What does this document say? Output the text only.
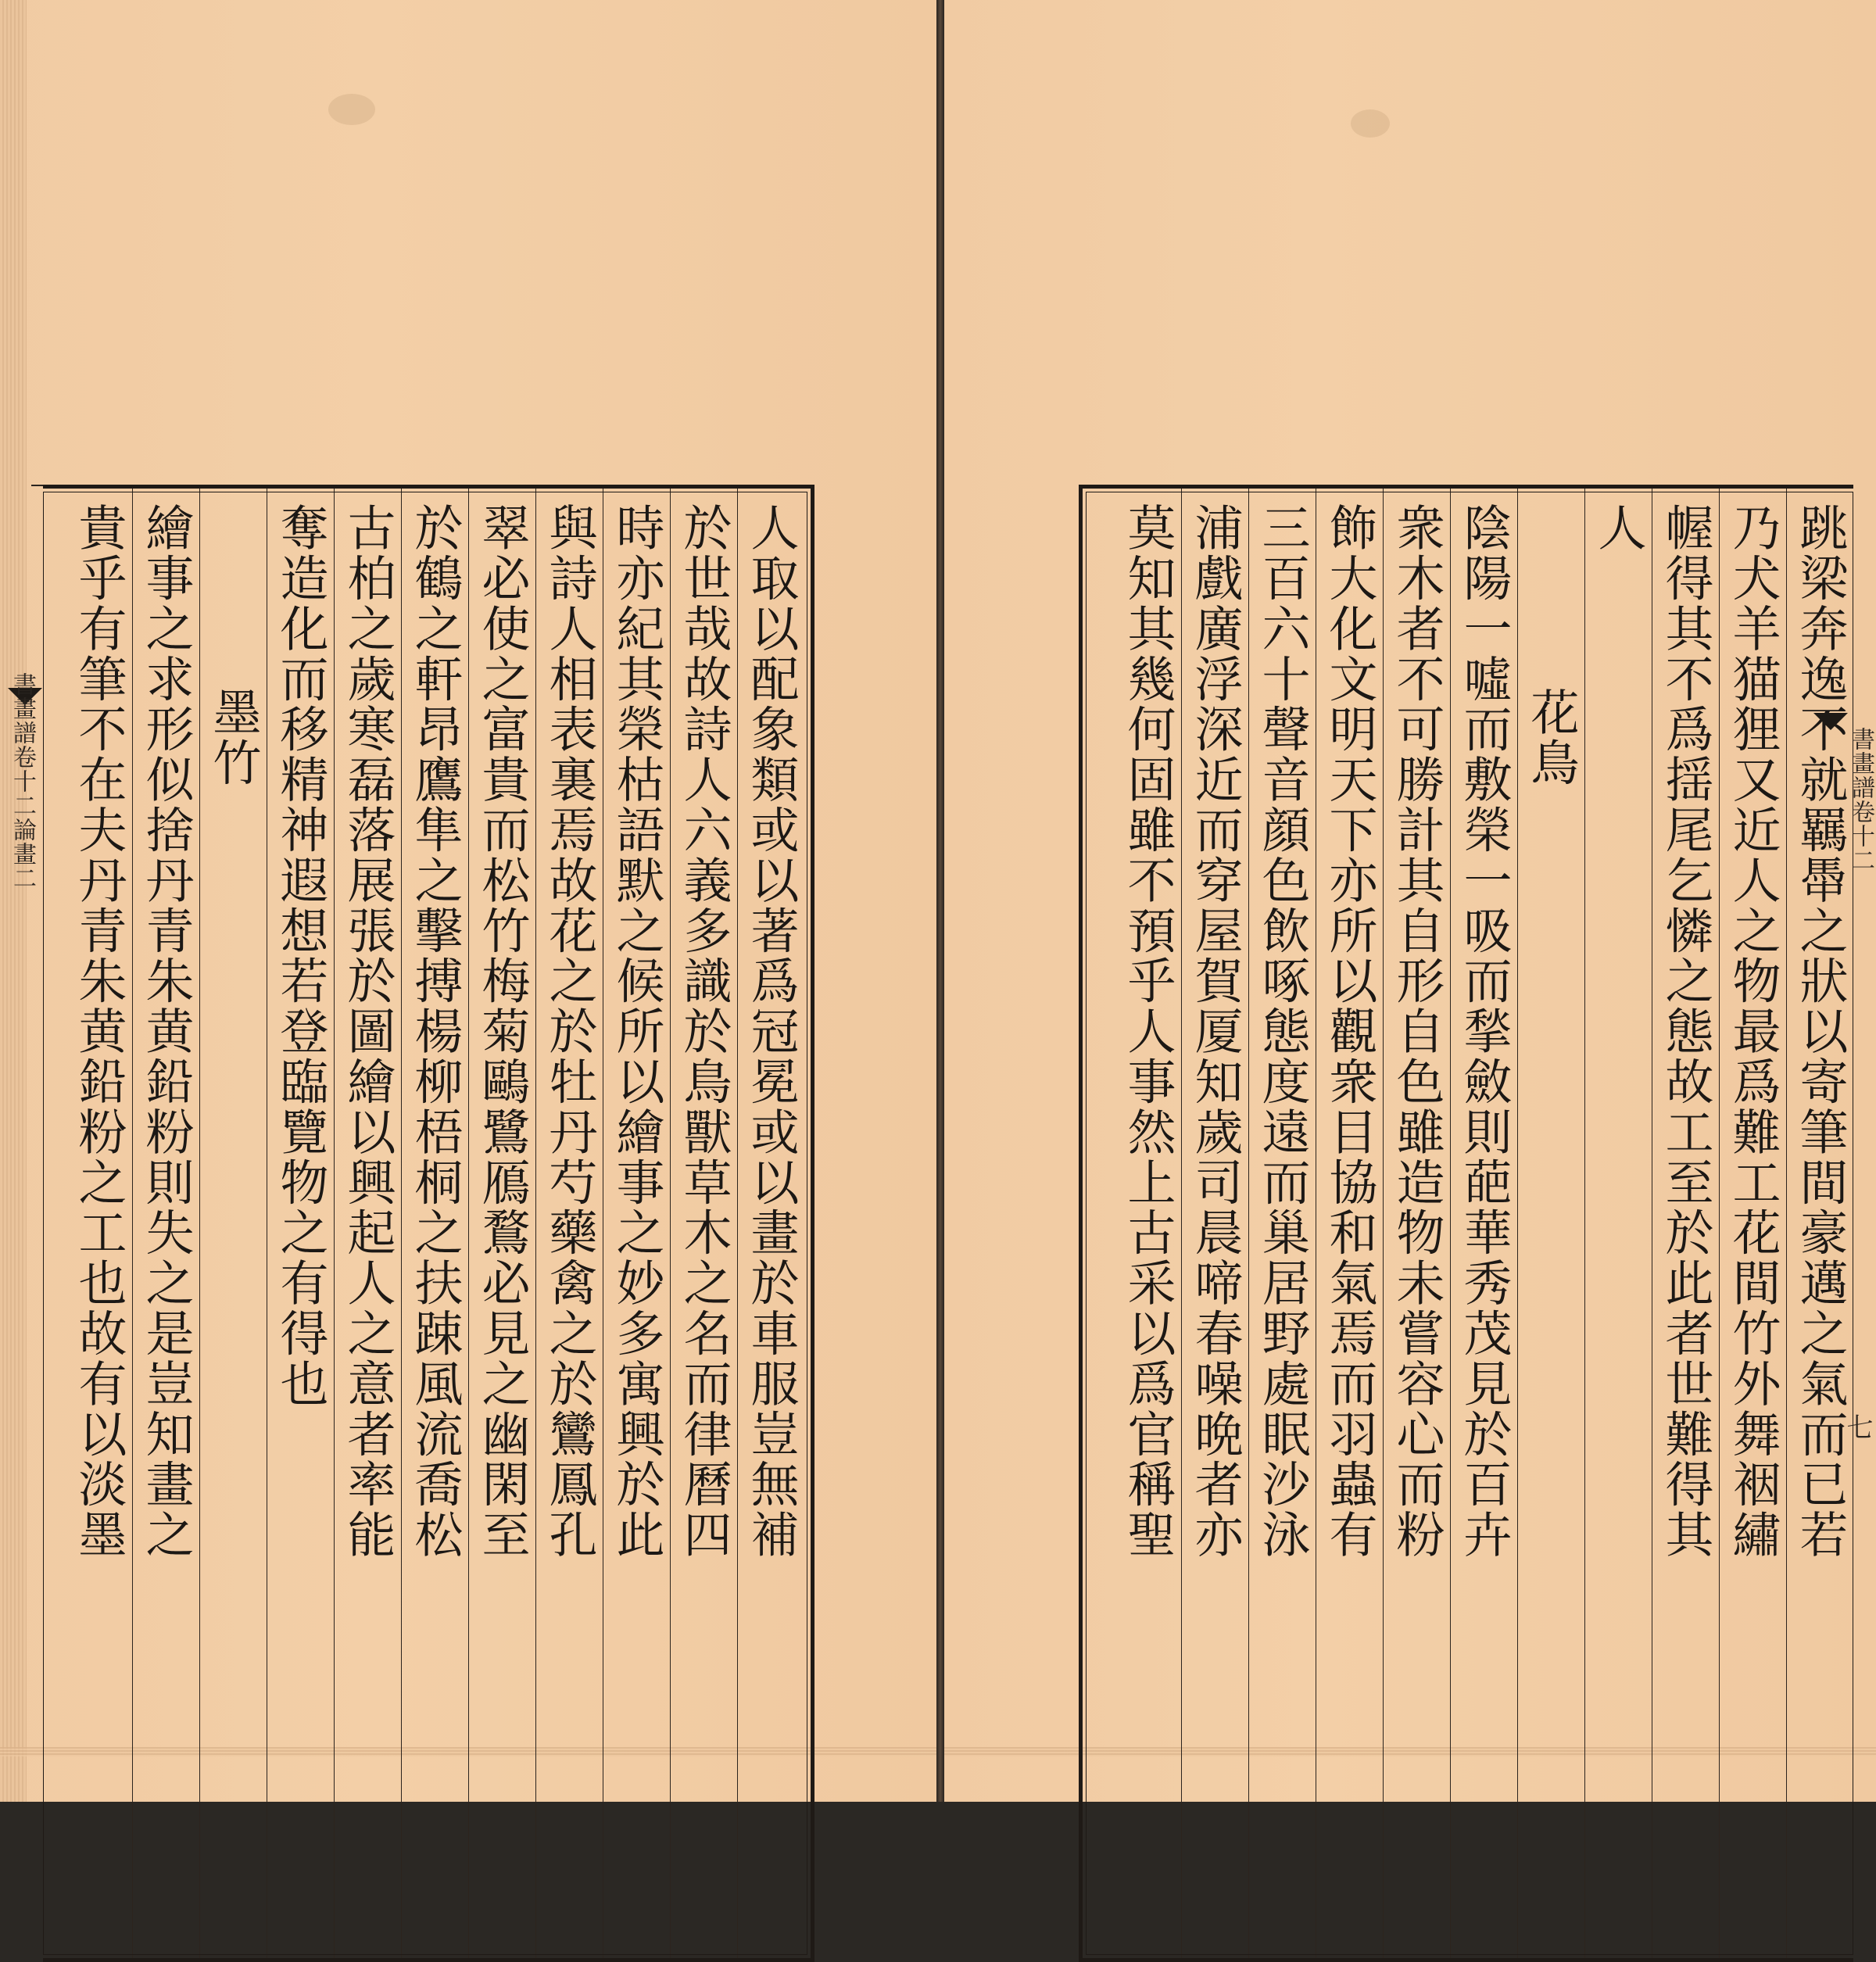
書畫譜卷十二論畫二	人取以配象類或以著爲冠冕或以畫於車服豈無補
於世哉故詩人六義多識於鳥獸草木之名而律曆四
時亦紀其榮枯語默之候所以繪事之妙多寓興於此
與詩人相表裏焉故花之於牡丹芍藥禽之於鸞鳳孔
翠必使之富貴而松竹梅菊鷗鷺鴈鶩必見之幽閑至
於鶴之軒昂鷹隼之擊搏楊柳梧桐之扶踈風流喬松
古柏之歲寒磊落展張於圖繪以興起人之意者率能
奪造化而移精神遐想若登臨覽物之有得也
墨竹
繪事之求形似捨丹青朱黄鉛粉則失之是豈知畫之
貴乎有筆不在夫丹青朱黄鉛粉之工也故有以淡墨	跳梁奔逸不就羈馽之狀以寄筆間豪邁之氣而已若
乃犬羊猫狸又近人之物最爲難工花間竹外舞裀繡
幄得其不爲揺尾乞憐之態故工至於此者世難得其
人
花鳥
陰陽一噓而敷榮一吸而揫斂則葩華秀茂見於百卉
衆木者不可勝計其自形自色雖造物未嘗容心而粉
飾大化文明天下亦所以觀衆目協和氣焉而羽蟲有
三百六十聲音顔色飲啄態度遠而巢居野處眠沙泳
浦戲廣浮深近而穿屋賀厦知歲司晨啼春噪晩者亦
莫知其幾何固雖不預乎人事然上古采以爲官稱聖	書畫譜卷十二
七
